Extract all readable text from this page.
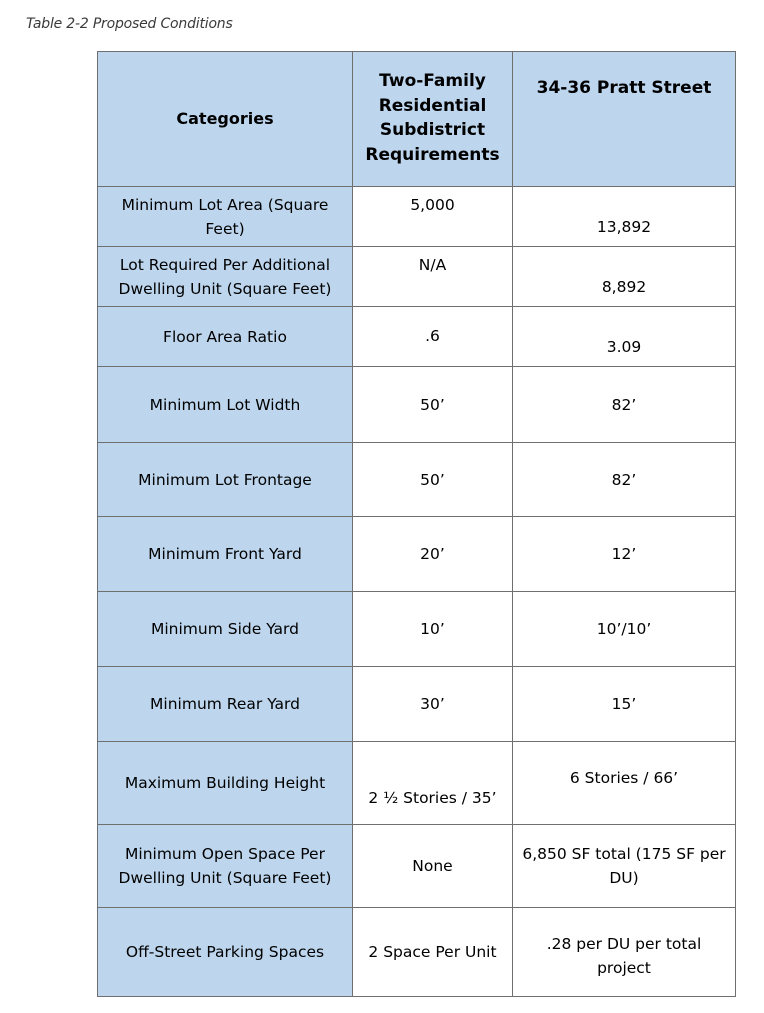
Table 2-2 Proposed Conditions
Categories	Two-Family Residential Subdistrict Requirements	34-36 Pratt Street
Minimum Lot Area (Square Feet)	5,000	13,892
Lot Required Per Additional Dwelling Unit (Square Feet)	N/A	8,892
Floor Area Ratio	.6	3.09
Minimum Lot Width	50’	82’
Minimum Lot Frontage	50’	82’
Minimum Front Yard	20’	12’
Minimum Side Yard	10’	10’/10’
Minimum Rear Yard	30’	15’
Maximum Building Height	2 ½ Stories / 35’	6 Stories / 66’
Minimum Open Space Per Dwelling Unit (Square Feet)	None	6,850 SF total (175 SF per DU)
Off-Street Parking Spaces	2 Space Per Unit	.28 per DU per total project
